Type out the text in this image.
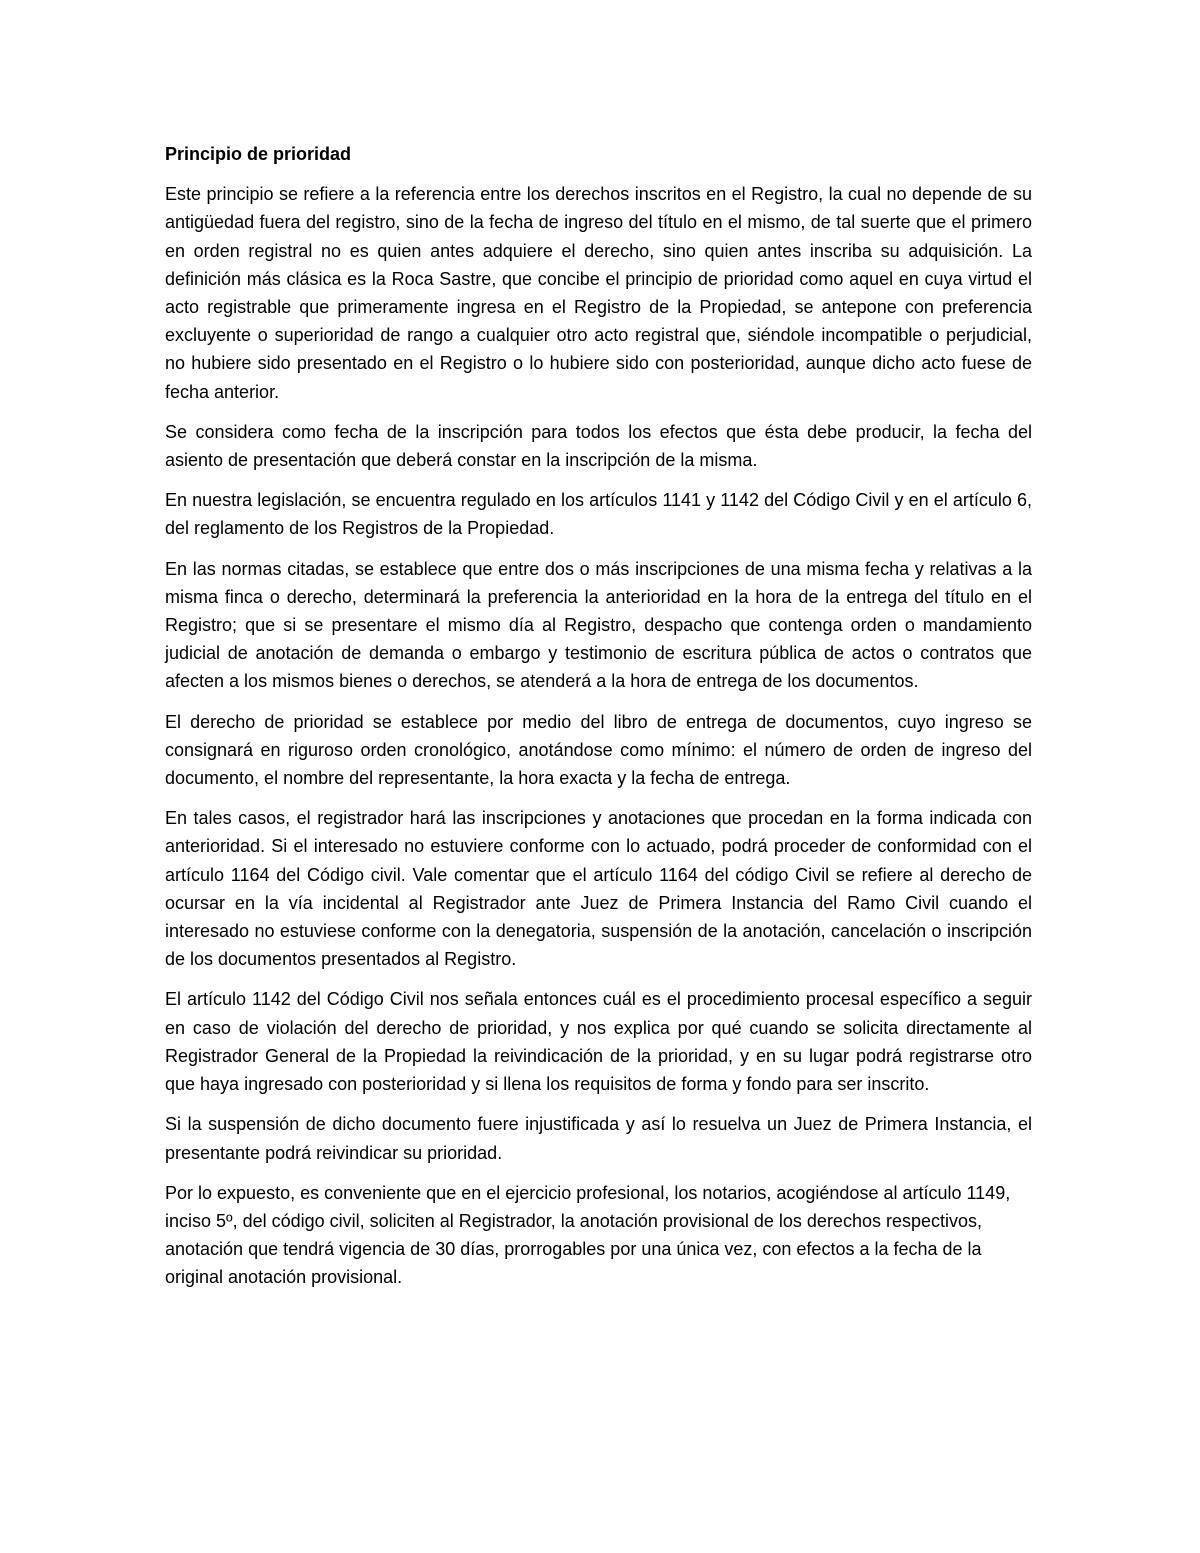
Principio de prioridad

Este principio se refiere a la referencia entre los derechos inscritos en el Registro, la cual no depende de su antigüedad fuera del registro, sino de la fecha de ingreso del título en el mismo, de tal suerte que el primero en orden registral no es quien antes adquiere el derecho, sino quien antes inscriba su adquisición. La definición más clásica es la Roca Sastre, que concibe el principio de prioridad como aquel en cuya virtud el acto registrable que primeramente ingresa en el Registro de la Propiedad, se antepone con preferencia excluyente o superioridad de rango a cualquier otro acto registral que, siéndole incompatible o perjudicial, no hubiere sido presentado en el Registro o lo hubiere sido con posterioridad, aunque dicho acto fuese de fecha anterior.

Se considera como fecha de la inscripción para todos los efectos que ésta debe producir, la fecha del asiento de presentación que deberá constar en la inscripción de la misma.

En nuestra legislación, se encuentra regulado en los artículos 1141 y 1142 del Código Civil y en el artículo 6, del reglamento de los Registros de la Propiedad.

En las normas citadas, se establece que entre dos o más inscripciones de una misma fecha y relativas a la misma finca o derecho, determinará la preferencia la anterioridad en la hora de la entrega del título en el Registro; que si se presentare el mismo día al Registro, despacho que contenga orden o mandamiento judicial de anotación de demanda o embargo y testimonio de escritura pública de actos o contratos que afecten a los mismos bienes o derechos, se atenderá a la hora de entrega de los documentos.

El derecho de prioridad se establece por medio del libro de entrega de documentos, cuyo ingreso se consignará en riguroso orden cronológico, anotándose como mínimo: el número de orden de ingreso del documento, el nombre del representante, la hora exacta y la fecha de entrega.

En tales casos, el registrador hará las inscripciones y anotaciones que procedan en la forma indicada con anterioridad. Si el interesado no estuviere conforme con lo actuado, podrá proceder de conformidad con el artículo 1164 del Código civil. Vale comentar que el artículo 1164 del código Civil se refiere al derecho de ocursar en la vía incidental al Registrador ante Juez de Primera Instancia del Ramo Civil cuando el interesado no estuviese conforme con la denegatoria, suspensión de la anotación, cancelación o inscripción de los documentos presentados al Registro.

El artículo 1142 del Código Civil nos señala entonces cuál es el procedimiento procesal específico a seguir en caso de violación del derecho de prioridad, y nos explica por qué cuando se solicita directamente al Registrador General de la Propiedad la reivindicación de la prioridad, y en su lugar podrá registrarse otro que haya ingresado con posterioridad y si llena los requisitos de forma y fondo para ser inscrito.

Si la suspensión de dicho documento fuere injustificada y así lo resuelva un Juez de Primera Instancia, el presentante podrá reivindicar su prioridad.

Por lo expuesto, es conveniente que en el ejercicio profesional, los notarios, acogiéndose al artículo 1149, inciso 5º, del código civil, soliciten al Registrador, la anotación provisional de los derechos respectivos, anotación que tendrá vigencia de 30 días, prorrogables por una única vez, con efectos a la fecha de la original anotación provisional.
